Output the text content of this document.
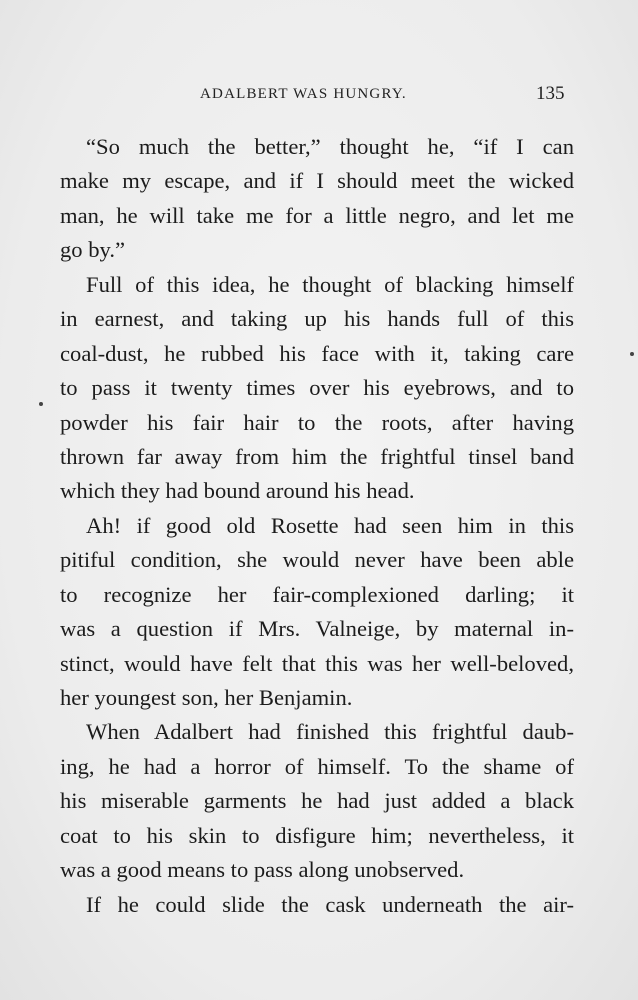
ADALBERT WAS HUNGRY.	135
“So much the better,” thought he, “if I can
make my escape, and if I should meet the wicked
man, he will take me for a little negro, and let me
go by.”
Full of this idea, he thought of blacking himself
in earnest, and taking up his hands full of this
coal-dust, he rubbed his face with it, taking care
to pass it twenty times over his eyebrows, and to
powder his fair hair to the roots, after having
thrown far away from him the frightful tinsel band
which they had bound around his head.
Ah! if good old Rosette had seen him in this
pitiful condition, she would never have been able
to recognize her fair-complexioned darling; it
was a question if Mrs. Valneige, by maternal in-
stinct, would have felt that this was her well-beloved,
her youngest son, her Benjamin.
When Adalbert had finished this frightful daub-
ing, he had a horror of himself. To the shame of
his miserable garments he had just added a black
coat to his skin to disfigure him; nevertheless, it
was a good means to pass along unobserved.
If he could slide the cask underneath the air-
